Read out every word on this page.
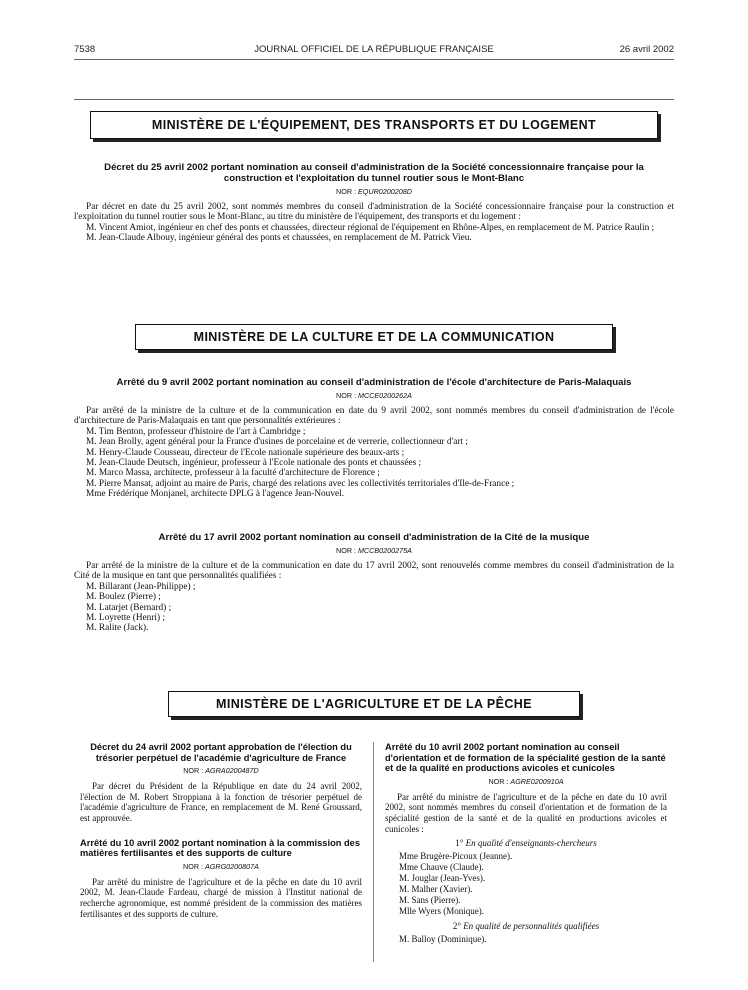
7538	JOURNAL OFFICIEL DE LA RÉPUBLIQUE FRANÇAISE	26 avril 2002
MINISTÈRE DE L'ÉQUIPEMENT, DES TRANSPORTS ET DU LOGEMENT
Décret du 25 avril 2002 portant nomination au conseil d'administration de la Société concessionnaire française pour la construction et l'exploitation du tunnel routier sous le Mont-Blanc
NOR : EQUR0200208D

Par décret en date du 25 avril 2002, sont nommés membres du conseil d'administration de la Société concessionnaire française pour la construction et l'exploitation du tunnel routier sous le Mont-Blanc, au titre du ministère de l'équipement, des transports et du logement :

M. Vincent Amiot, ingénieur en chef des ponts et chaussées, directeur régional de l'équipement en Rhône-Alpes, en remplacement de M. Patrice Raulin ;

M. Jean-Claude Albouy, ingénieur général des ponts et chaussées, en remplacement de M. Patrick Vieu.

MINISTÈRE DE LA CULTURE ET DE LA COMMUNICATION
Arrêté du 9 avril 2002 portant nomination au conseil d'administration de l'école d'architecture de Paris-Malaquais
NOR : MCCE0200262A

Par arrêté de la ministre de la culture et de la communication en date du 9 avril 2002, sont nommés membres du conseil d'administration de l'école d'architecture de Paris-Malaquais en tant que personnalités extérieures :

M. Tim Benton, professeur d'histoire de l'art à Cambridge ;

M. Jean Brolly, agent général pour la France d'usines de porcelaine et de verrerie, collectionneur d'art ;

M. Henry-Claude Cousseau, directeur de l'Ecole nationale supérieure des beaux-arts ;

M. Jean-Claude Deutsch, ingénieur, professeur à l'Ecole nationale des ponts et chaussées ;

M. Marco Massa, architecte, professeur à la faculté d'architecture de Florence ;

M. Pierre Mansat, adjoint au maire de Paris, chargé des relations avec les collectivités territoriales d'Ile-de-France ;

Mme Frédérique Monjanel, architecte DPLG à l'agence Jean-Nouvel.

Arrêté du 17 avril 2002 portant nomination au conseil d'administration de la Cité de la musique
NOR : MCCB0200275A

Par arrêté de la ministre de la culture et de la communication en date du 17 avril 2002, sont renouvelés comme membres du conseil d'administration de la Cité de la musique en tant que personnalités qualifiées :

M. Billarant (Jean-Philippe) ;

M. Boulez (Pierre) ;

M. Latarjet (Bernard) ;

M. Loyrette (Henri) ;

M. Ralite (Jack).

MINISTÈRE DE L'AGRICULTURE ET DE LA PÊCHE
Décret du 24 avril 2002 portant approbation de l'élection du trésorier perpétuel de l'académie d'agriculture de France
NOR : AGRA0200487D

Par décret du Président de la République en date du 24 avril 2002, l'élection de M. Robert Stroppiana à la fonction de trésorier perpétuel de l'académie d'agriculture de France, en remplacement de M. René Groussard, est approuvée.

Arrêté du 10 avril 2002 portant nomination à la commission des matières fertilisantes et des supports de culture
NOR : AGRG0200807A

Par arrêté du ministre de l'agriculture et de la pêche en date du 10 avril 2002, M. Jean-Claude Fardeau, chargé de mission à l'Institut national de recherche agronomique, est nommé président de la commission des matières fertilisantes et des supports de culture.

Arrêté du 10 avril 2002 portant nomination au conseil d'orientation et de formation de la spécialité gestion de la santé et de la qualité en productions avicoles et cunicoles
NOR : AGRE0200910A

Par arrêté du ministre de l'agriculture et de la pêche en date du 10 avril 2002, sont nommés membres du conseil d'orientation et de formation de la spécialité gestion de la santé et de la qualité en productions avicoles et cunicoles :

1° En qualité d'enseignants-chercheurs

Mme Brugère-Picoux (Jeanne).

Mme Chauve (Claude).

M. Jouglar (Jean-Yves).

M. Malher (Xavier).

M. Sans (Pierre).

Mlle Wyers (Monique).

2° En qualité de personnalités qualifiées

M. Balloy (Dominique).
